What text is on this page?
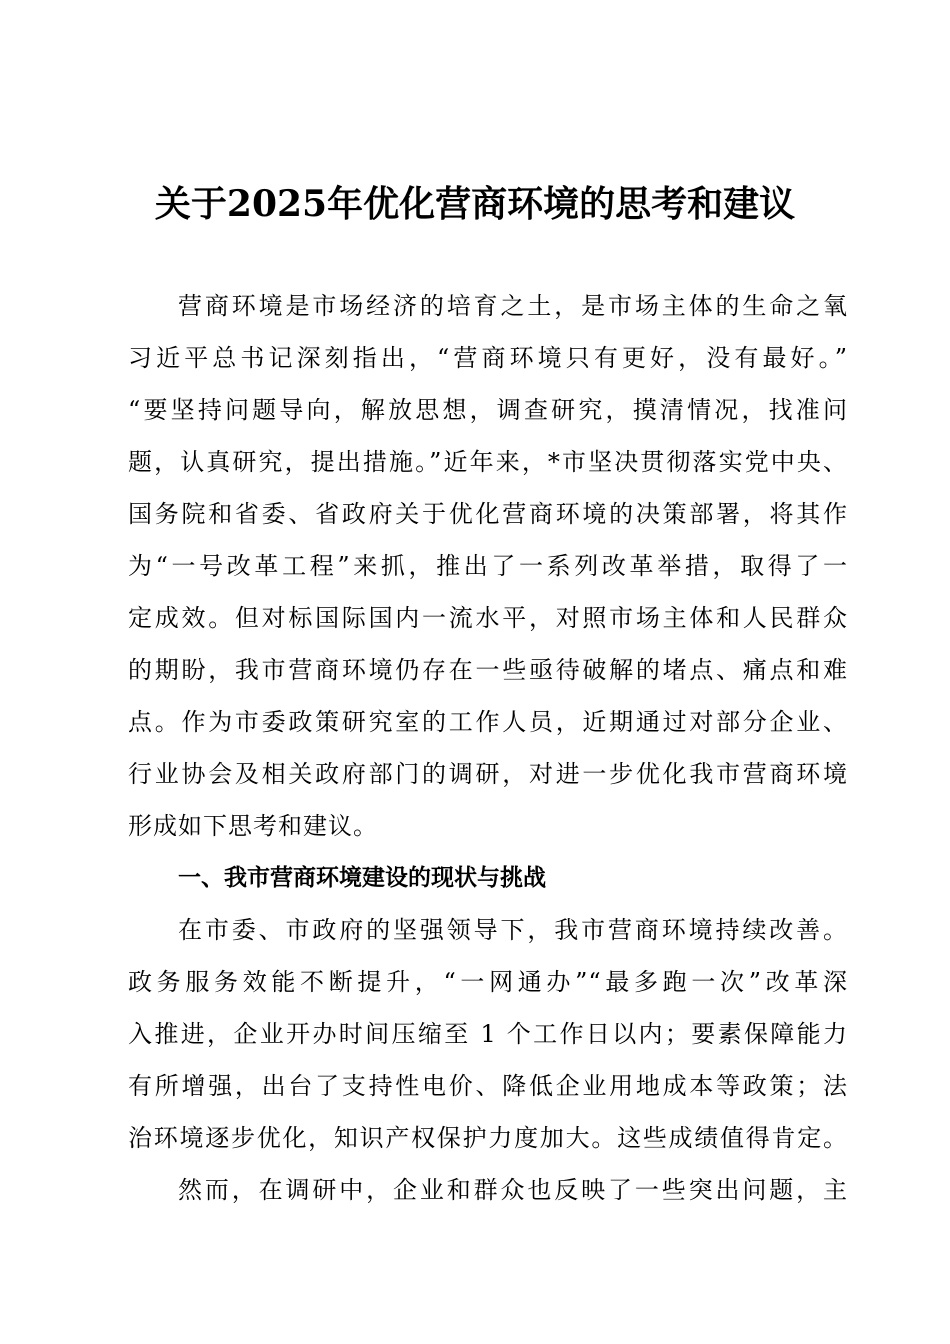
关于2025年优化营商环境的思考和建议
营商环境是市场经济的培育之土，是市场主体的生命之氧
习近平总书记深刻指出，“营商环境只有更好，没有最好。”
“要坚持问题导向，解放思想，调查研究，摸清情况，找准问
题，认真研究，提出措施。”近年来，*市坚决贯彻落实党中央、
国务院和省委、省政府关于优化营商环境的决策部署，将其作
为“一号改革工程”来抓，推出了一系列改革举措，取得了一
定成效。但对标国际国内一流水平，对照市场主体和人民群众
的期盼，我市营商环境仍存在一些亟待破解的堵点、痛点和难
点。作为市委政策研究室的工作人员，近期通过对部分企业、
行业协会及相关政府部门的调研，对进一步优化我市营商环境
形成如下思考和建议。
一、我市营商环境建设的现状与挑战
在市委、市政府的坚强领导下，我市营商环境持续改善。
政务服务效能不断提升，“一网通办”“最多跑一次”改革深
入推进，企业开办时间压缩至 1 个工作日以内；要素保障能力
有所增强，出台了支持性电价、降低企业用地成本等政策；法
治环境逐步优化，知识产权保护力度加大。这些成绩值得肯定。
然而，在调研中，企业和群众也反映了一些突出问题，主
